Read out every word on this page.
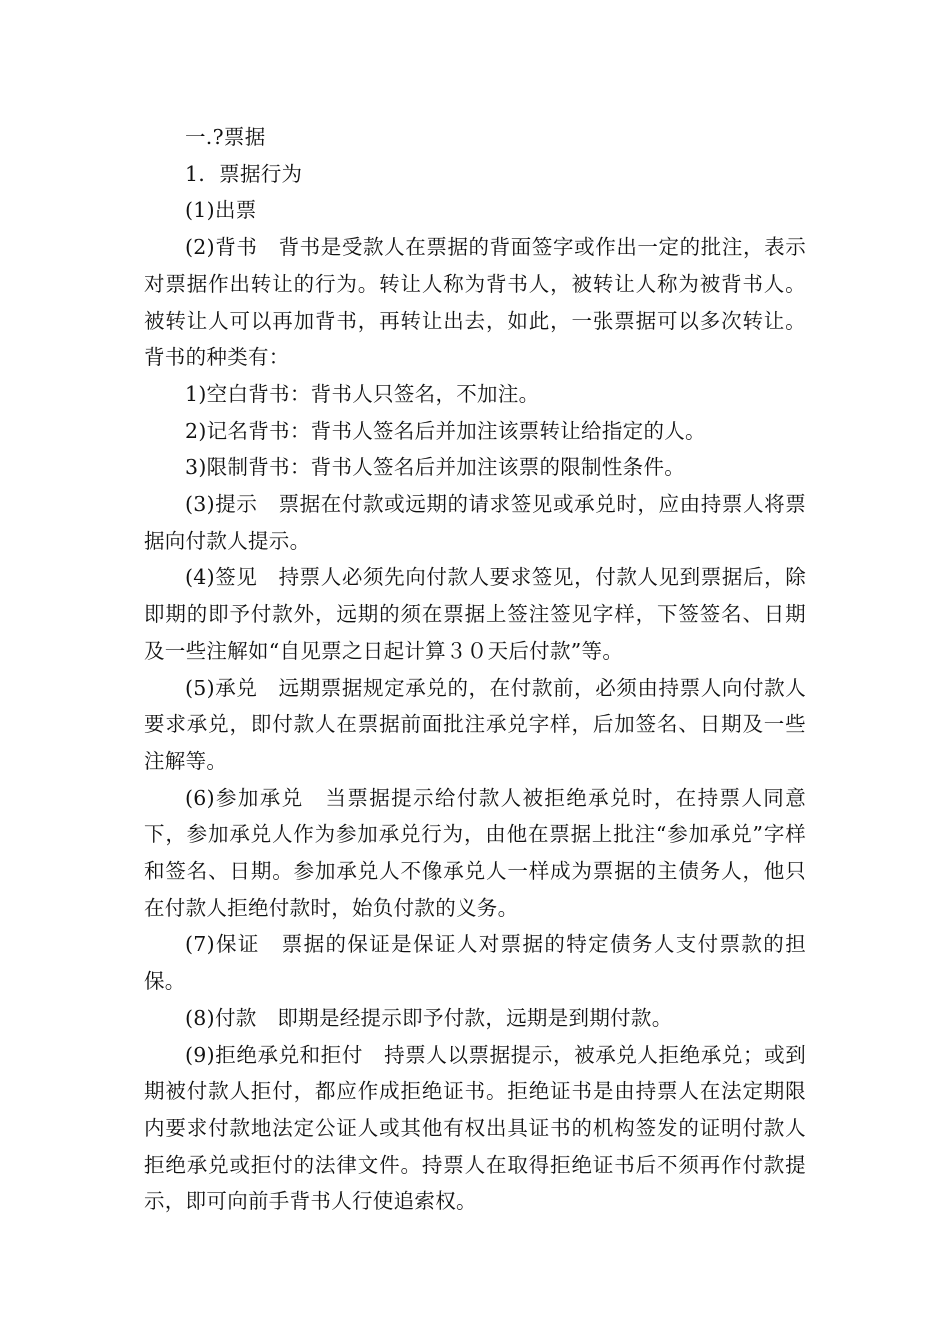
一.?票据

1．票据行为

(1)出票

(2)背书　背书是受款人在票据的背面签字或作出一定的批注，表示对票据作出转让的行为。转让人称为背书人，被转让人称为被背书人。被转让人可以再加背书，再转让出去，如此，一张票据可以多次转让。背书的种类有：

1)空白背书：背书人只签名，不加注。

2)记名背书：背书人签名后并加注该票转让给指定的人。

3)限制背书：背书人签名后并加注该票的限制性条件。

(3)提示　票据在付款或远期的请求签见或承兑时，应由持票人将票据向付款人提示。

(4)签见　持票人必须先向付款人要求签见，付款人见到票据后，除即期的即予付款外，远期的须在票据上签注签见字样，下签签名、日期及一些注解如“自见票之日起计算３０天后付款”等。

(5)承兑　远期票据规定承兑的，在付款前，必须由持票人向付款人要求承兑，即付款人在票据前面批注承兑字样，后加签名、日期及一些注解等。

(6)参加承兑　当票据提示给付款人被拒绝承兑时，在持票人同意下，参加承兑人作为参加承兑行为，由他在票据上批注“参加承兑”字样和签名、日期。参加承兑人不像承兑人一样成为票据的主债务人，他只在付款人拒绝付款时，始负付款的义务。

(7)保证　票据的保证是保证人对票据的特定债务人支付票款的担保。

(8)付款　即期是经提示即予付款，远期是到期付款。

(9)拒绝承兑和拒付　持票人以票据提示，被承兑人拒绝承兑；或到期被付款人拒付，都应作成拒绝证书。拒绝证书是由持票人在法定期限内要求付款地法定公证人或其他有权出具证书的机构签发的证明付款人拒绝承兑或拒付的法律文件。持票人在取得拒绝证书后不须再作付款提示，即可向前手背书人行使追索权。
